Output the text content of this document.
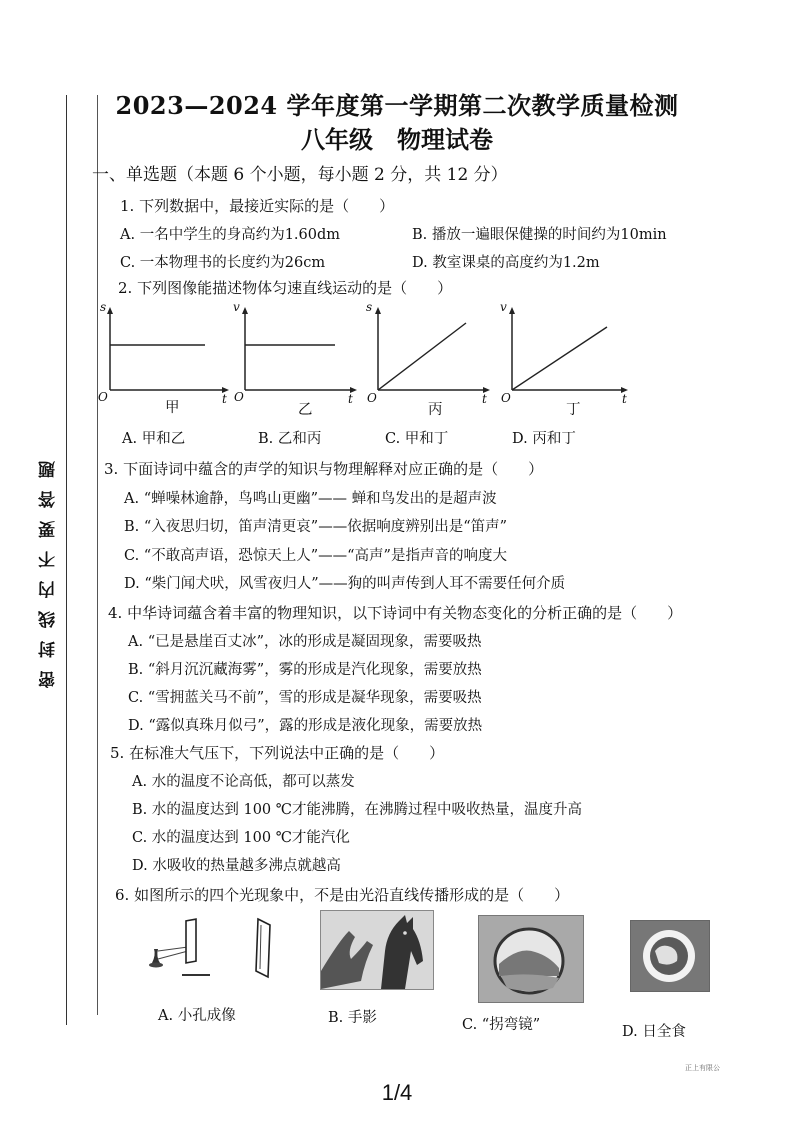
密封线内不要答题
2023—2024 学年度第一学期第二次教学质量检测
八年级　物理试卷
一、单选题（本题 6 个小题，每小题 2 分，共 12 分）
1. 下列数据中，最接近实际的是（　　）
A. 一名中学生的身高约为1.60dm	B. 播放一遍眼保健操的时间约为10min
C. 一本物理书的长度约为26cm	D. 教室课桌的高度约为1.2m
2. 下列图像能描述物体匀速直线运动的是（　　）
s
O	t
甲
v
O	t
乙
s
O	t
丙
v
O	t
丁
A. 甲和乙	B. 乙和丙	C. 甲和丁	D. 丙和丁
3. 下面诗词中蕴含的声学的知识与物理解释对应正确的是（　　）
A. “蝉噪林逾静，鸟鸣山更幽”—— 蝉和鸟发出的是超声波
B. “入夜思归切，笛声清更哀”——依据响度辨别出是“笛声”
C. “不敢高声语，恐惊天上人”——“高声”是指声音的响度大
D. “柴门闻犬吠，风雪夜归人”——狗的叫声传到人耳不需要任何介质
4. 中华诗词蕴含着丰富的物理知识，以下诗词中有关物态变化的分析正确的是（　　）
A. “已是悬崖百丈冰”，冰的形成是凝固现象，需要吸热
B. “斜月沉沉藏海雾”，雾的形成是汽化现象，需要放热
C. “雪拥蓝关马不前”，雪的形成是凝华现象，需要吸热
D. “露似真珠月似弓”，露的形成是液化现象，需要放热
5. 在标准大气压下，下列说法中正确的是（　　）
A. 水的温度不论高低，都可以蒸发
B. 水的温度达到 100 ℃才能沸腾，在沸腾过程中吸收热量，温度升高
C. 水的温度达到 100 ℃才能汽化
D. 水吸收的热量越多沸点就越高
6. 如图所示的四个光现象中，不是由光沿直线传播形成的是（　　）
A. 小孔成像	B. 手影	C. “拐弯镜”	D. 日全食
正上有限公
1/4
